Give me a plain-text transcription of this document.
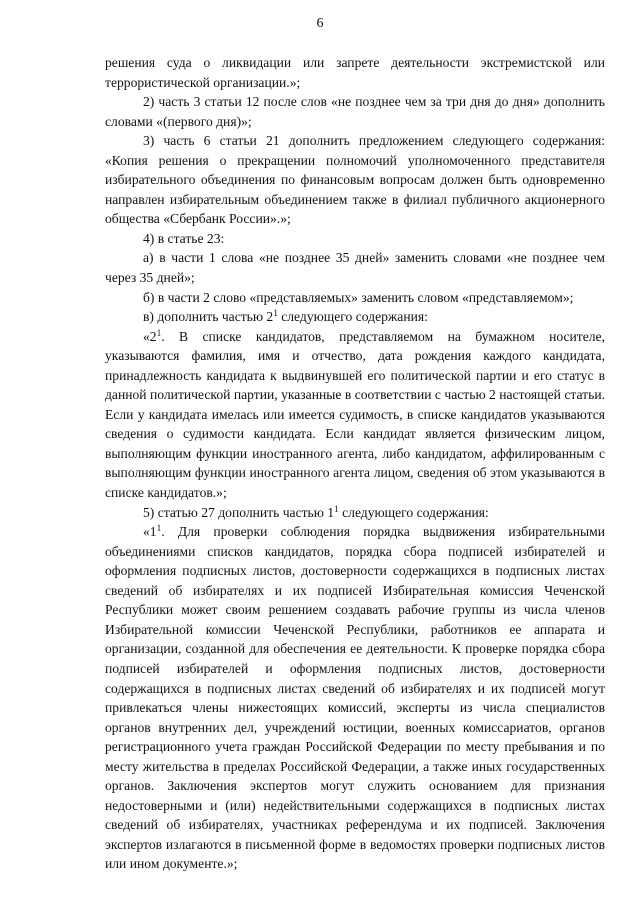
6

решения суда о ликвидации или запрете деятельности экстремистской или террористической организации.»;

2) часть 3 статьи 12 после слов «не позднее чем за три дня до дня» дополнить словами «(первого дня)»;

3) часть 6 статьи 21 дополнить предложением следующего содержания: «Копия решения о прекращении полномочий уполномоченного представителя избирательного объединения по финансовым вопросам должен быть одновременно направлен избирательным объединением также в филиал публичного акционерного общества «Сбербанк России».»;

4) в статье 23:

а) в части 1 слова «не позднее 35 дней» заменить словами «не позднее чем через 35 дней»;

б) в части 2 слово «представляемых» заменить словом «представляемом»;

в) дополнить частью $2^1$ следующего содержания:

«$2^1$. В списке кандидатов, представляемом на бумажном носителе, указываются фамилия, имя и отчество, дата рождения каждого кандидата, принадлежность кандидата к выдвинувшей его политической партии и его статус в данной политической партии, указанные в соответствии с частью 2 настоящей статьи. Если у кандидата имелась или имеется судимость, в списке кандидатов указываются сведения о судимости кандидата. Если кандидат является физическим лицом, выполняющим функции иностранного агента, либо кандидатом, аффилированным с выполняющим функции иностранного агента лицом, сведения об этом указываются в списке кандидатов.»;

5) статью 27 дополнить частью $1^1$ следующего содержания:

«$1^1$. Для проверки соблюдения порядка выдвижения избирательными объединениями списков кандидатов, порядка сбора подписей избирателей и оформления подписных листов, достоверности содержащихся в подписных листах сведений об избирателях и их подписей Избирательная комиссия Чеченской Республики может своим решением создавать рабочие группы из числа членов Избирательной комиссии Чеченской Республики, работников ее аппарата и организации, созданной для обеспечения ее деятельности. К проверке порядка сбора подписей избирателей и оформления подписных листов, достоверности содержащихся в подписных листах сведений об избирателях и их подписей могут привлекаться члены нижестоящих комиссий, эксперты из числа специалистов органов внутренних дел, учреждений юстиции, военных комиссариатов, органов регистрационного учета граждан Российской Федерации по месту пребывания и по месту жительства в пределах Российской Федерации, а также иных государственных органов. Заключения экспертов могут служить основанием для признания недостоверными и (или) недействительными содержащихся в подписных листах сведений об избирателях, участниках референдума и их подписей. Заключения экспертов излагаются в письменной форме в ведомостях проверки подписных листов или ином документе.»;
